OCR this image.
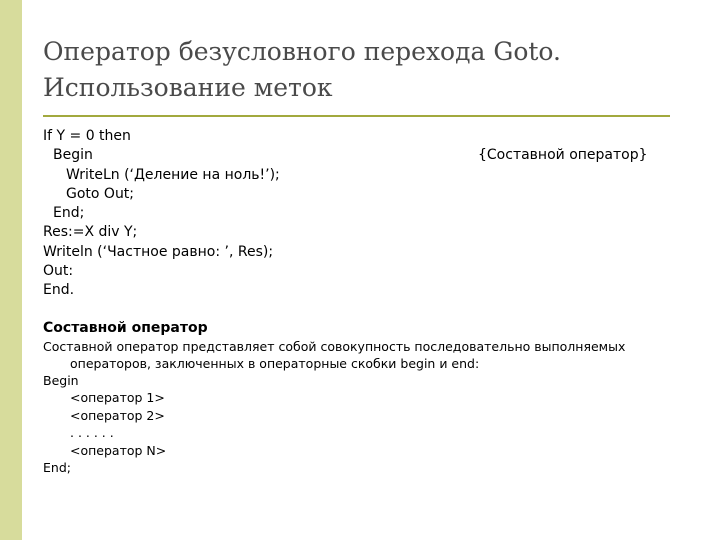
Оператор безусловного перехода Goto.
Использование меток
If Y = 0 then
Begin
WriteLn (‘Деление на ноль!’);
Goto Out;
End;
Res:=X div Y;
Writeln (‘Частное равно: ’, Res);
Out:
End.
{Составной оператор}
Составной оператор
Составной оператор представляет собой совокупность последовательно выполняемых операторов, заключенных в операторные скобки begin и end:
Begin
<оператор 1>
<оператор 2>
. . . . . .
<оператор N>
End;
